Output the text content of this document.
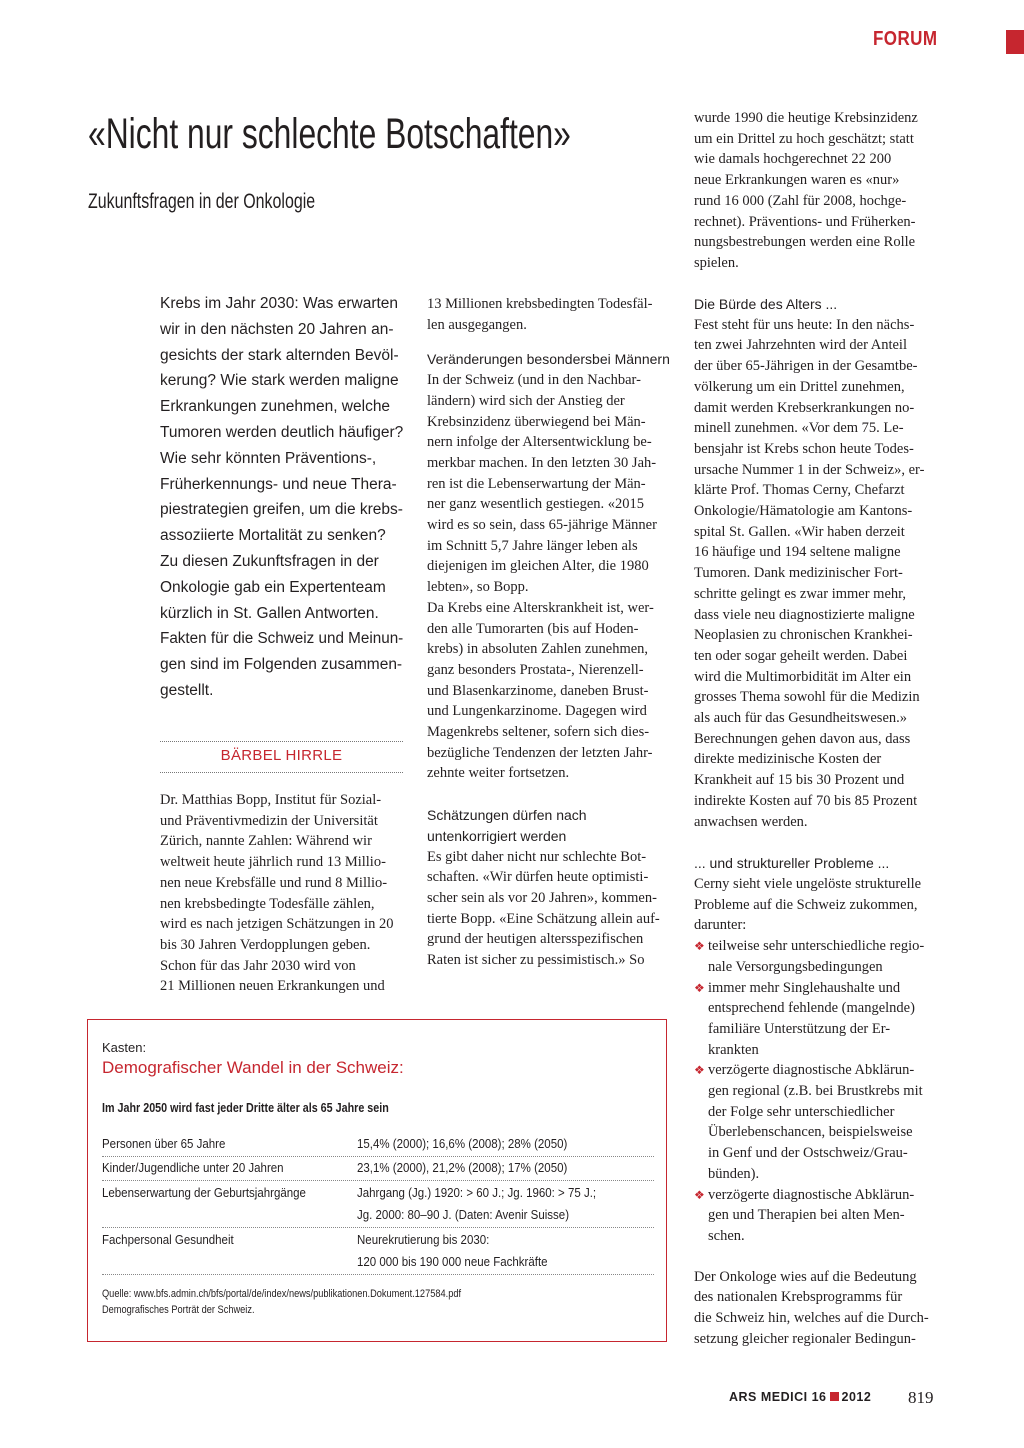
FORUM
«Nicht nur schlechte Botschaften»
Zukunftsfragen in der Onkologie
Krebs im Jahr 2030: Was erwarten
wir in den nächsten 20 Jahren an-
gesichts der stark alternden Bevöl-
kerung? Wie stark werden maligne
Erkrankungen zunehmen, welche
Tumoren werden deutlich häufiger?
Wie sehr könnten Präventions-,
Früherkennungs- und neue Thera-
piestrategien greifen, um die krebs-
assoziierte Mortalität zu senken?
Zu diesen Zukunftsfragen in der
Onkologie gab ein Expertenteam
kürzlich in St. Gallen Antworten.
Fakten für die Schweiz und Meinun-
gen sind im Folgenden zusammen-
gestellt.
BÄRBEL HIRRLE
Dr. Matthias Bopp, Institut für Sozial-
und Präventivmedizin der Universität
Zürich, nannte Zahlen: Während wir
weltweit heute jährlich rund 13 Millio-
nen neue Krebsfälle und rund 8 Millio-
nen krebsbedingte Todesfälle zählen,
wird es nach jetzigen Schätzungen in 20
bis 30 Jahren Verdopplungen geben.
Schon für das Jahr 2030 wird von
21 Millionen neuen Erkrankungen und
13 Millionen krebsbedingten Todesfäl-
len ausgegangen.
Veränderungen besondersbei Männern
In der Schweiz (und in den Nachbar-
ländern) wird sich der Anstieg der
Krebsinzidenz überwiegend bei Män-
nern infolge der Altersentwicklung be-
merkbar machen. In den letzten 30 Jah-
ren ist die Lebenserwartung der Män-
ner ganz wesentlich gestiegen. «2015
wird es so sein, dass 65-jährige Männer
im Schnitt 5,7 Jahre länger leben als
diejenigen im gleichen Alter, die 1980
lebten», so Bopp.
Da Krebs eine Alterskrankheit ist, wer-
den alle Tumorarten (bis auf Hoden-
krebs) in absoluten Zahlen zunehmen,
ganz besonders Prostata-, Nierenzell-
und Blasenkarzinome, daneben Brust-
und Lungenkarzinome. Dagegen wird
Magenkrebs seltener, sofern sich dies-
bezügliche Tendenzen der letzten Jahr-
zehnte weiter fortsetzen.
Schätzungen dürfen nach untenkorrigiert werden
Es gibt daher nicht nur schlechte Bot-
schaften. «Wir dürfen heute optimisti-
scher sein als vor 20 Jahren», kommen-
tierte Bopp. «Eine Schätzung allein auf-
grund der heutigen altersspezifischen
Raten ist sicher zu pessimistisch.» So
wurde 1990 die heutige Krebsinzidenz
um ein Drittel zu hoch geschätzt; statt
wie damals hochgerechnet 22 200
neue Erkrankungen waren es «nur»
rund 16 000 (Zahl für 2008, hochge-
rechnet). Präventions- und Früherken-
nungsbestrebungen werden eine Rolle
spielen.
Die Bürde des Alters ...
Fest steht für uns heute: In den nächs-
ten zwei Jahrzehnten wird der Anteil
der über 65-Jährigen in der Gesamtbe-
völkerung um ein Drittel zunehmen,
damit werden Krebserkrankungen no-
minell zunehmen. «Vor dem 75. Le-
bensjahr ist Krebs schon heute Todes-
ursache Nummer 1 in der Schweiz», er-
klärte Prof. Thomas Cerny, Chefarzt
Onkologie/Hämatologie am Kantons-
spital St. Gallen. «Wir haben derzeit
16 häufige und 194 seltene maligne
Tumoren. Dank medizinischer Fort-
schritte gelingt es zwar immer mehr,
dass viele neu diagnostizierte maligne
Neoplasien zu chronischen Krankhei-
ten oder sogar geheilt werden. Dabei
wird die Multimorbidität im Alter ein
grosses Thema sowohl für die Medizin
als auch für das Gesundheitswesen.»
Berechnungen gehen davon aus, dass
direkte medizinische Kosten der
Krankheit auf 15 bis 30 Prozent und
indirekte Kosten auf 70 bis 85 Prozent
anwachsen werden.
... und struktureller Probleme ...
Cerny sieht viele ungelöste strukturelle
Probleme auf die Schweiz zukommen,
darunter:
❖ teilweise sehr unterschiedliche regio-
nale Versorgungsbedingungen
❖ immer mehr Singlehaushalte und
entsprechend fehlende (mangelnde)
familiäre Unterstützung der Er-
krankten
❖ verzögerte diagnostische Abklärun-
gen regional (z.B. bei Brustkrebs mit
der Folge sehr unterschiedlicher
Überlebenschancen, beispielsweise
in Genf und der Ostschweiz/Grau-
bünden).
❖ verzögerte diagnostische Abklärun-
gen und Therapien bei alten Men-
schen.
Der Onkologe wies auf die Bedeutung
des nationalen Krebsprogramms für
die Schweiz hin, welches auf die Durch-
setzung gleicher regionaler Bedingun-
Kasten:
Demografischer Wandel in der Schweiz:
Im Jahr 2050 wird fast jeder Dritte älter als 65 Jahre sein
Personen über 65 Jahre	15,4% (2000); 16,6% (2008); 28% (2050)
Kinder/Jugendliche unter 20 Jahren	23,1% (2000), 21,2% (2008); 17% (2050)
Lebenserwartung der Geburtsjahrgänge	Jahrgang (Jg.) 1920: > 60 J.; Jg. 1960: > 75 J.;
Jg. 2000: 80–90 J. (Daten: Avenir Suisse)
Fachpersonal Gesundheit	Neurekrutierung bis 2030:
120 000 bis 190 000 neue Fachkräfte
Quelle: www.bfs.admin.ch/bfs/portal/de/index/news/publikationen.Dokument.127584.pdf
Demografisches Porträt der Schweiz.
ARS MEDICI 16 2012 819
